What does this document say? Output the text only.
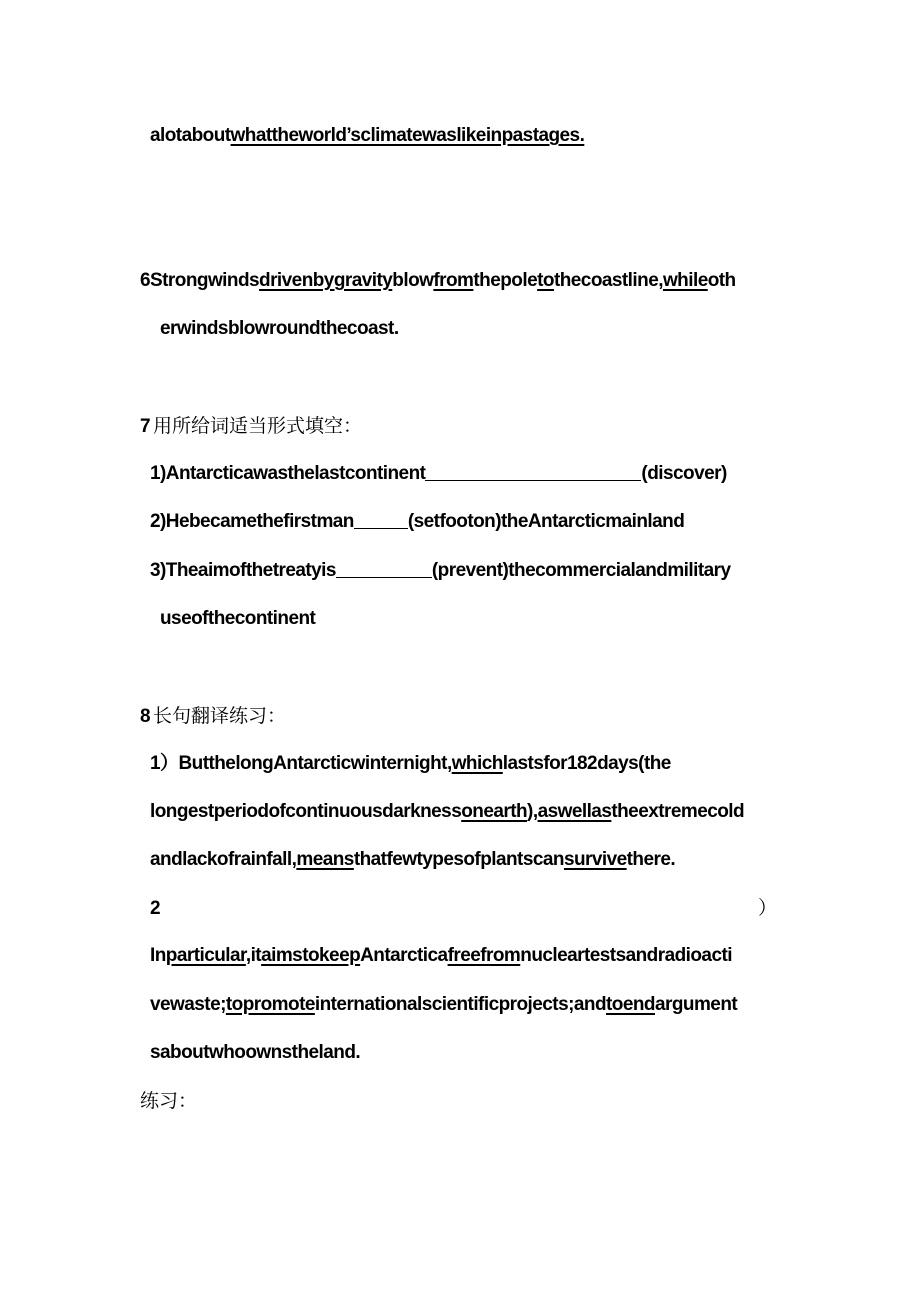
alotaboutwhattheworld’sclimatewaslikeinpastages.
6Strongwindsdrivenbygravityblowfromthepoletothecoastline,whileoth
erwindsblowroundthecoast.
7 用所给词适当形式填空：
1)Antarcticawasthelastcontinent	(discover)
2)Hebecamethefirstman	(setfooton)theAntarcticmainland
3)Theaimofthetreatyis	(prevent)thecommercialandmilitary
useofthecontinent
8 长句翻译练习：
1）ButthelongAntarcticwinternight,whichlastsfor182days(the
longestperiodofcontinuousdarknessonearth),aswellastheextremecold
andlackofrainfall,meansthatfewtypesofplantscansurvivethere.
2	）
Inparticular,itaimstokeepAntarcticafreefromnucleartestsandradioacti
vewaste;topromoteinternationalscientificprojects;andtoendargument
saboutwhoownstheland.
练习：
